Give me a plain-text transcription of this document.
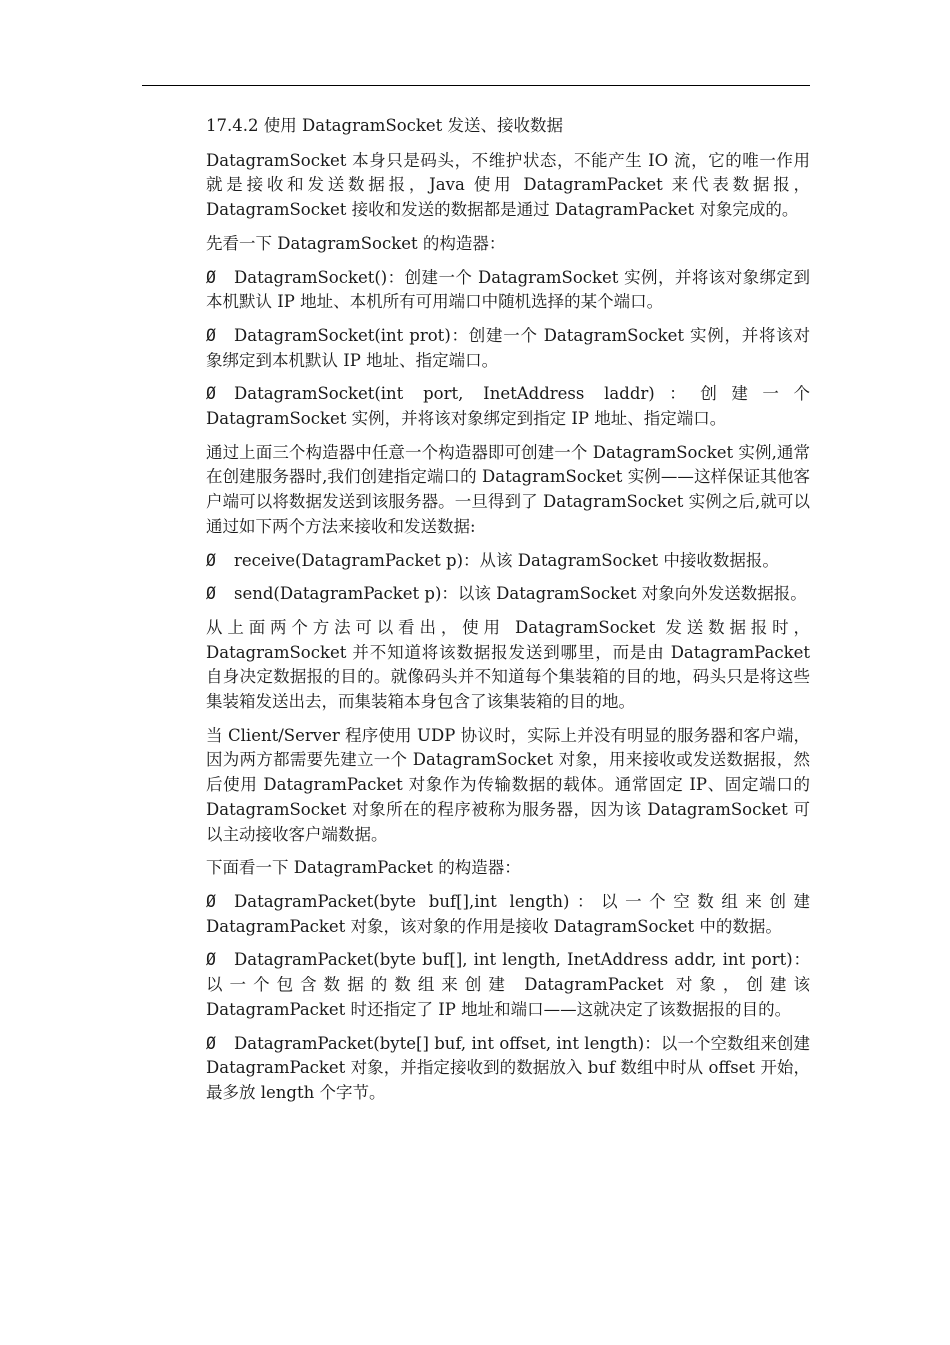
17.4.2 使用 DatagramSocket 发送、接收数据

DatagramSocket 本身只是码头，不维护状态，不能产生 IO 流，它的唯一作用就是接收和发送数据报，Java 使用 DatagramPacket 来代表数据报，DatagramSocket 接收和发送的数据都是通过 DatagramPacket 对象完成的。

先看一下 DatagramSocket 的构造器：

Ø DatagramSocket()：创建一个 DatagramSocket 实例，并将该对象绑定到本机默认 IP 地址、本机所有可用端口中随机选择的某个端口。

Ø DatagramSocket(int prot)：创建一个 DatagramSocket 实例，并将该对象绑定到本机默认 IP 地址、指定端口。

Ø DatagramSocket(int port, InetAddress laddr)：创建一个 DatagramSocket 实例，并将该对象绑定到指定 IP 地址、指定端口。

通过上面三个构造器中任意一个构造器即可创建一个 DatagramSocket 实例,通常在创建服务器时,我们创建指定端口的 DatagramSocket 实例——这样保证其他客户端可以将数据发送到该服务器。一旦得到了 DatagramSocket 实例之后,就可以通过如下两个方法来接收和发送数据:

Ø receive(DatagramPacket p)：从该 DatagramSocket 中接收数据报。

Ø send(DatagramPacket p)：以该 DatagramSocket 对象向外发送数据报。

从上面两个方法可以看出，使用 DatagramSocket 发送数据报时，DatagramSocket 并不知道将该数据报发送到哪里，而是由 DatagramPacket 自身决定数据报的目的。就像码头并不知道每个集装箱的目的地，码头只是将这些集装箱发送出去，而集装箱本身包含了该集装箱的目的地。

当 Client/Server 程序使用 UDP 协议时，实际上并没有明显的服务器和客户端，因为两方都需要先建立一个 DatagramSocket 对象，用来接收或发送数据报，然后使用 DatagramPacket 对象作为传输数据的载体。通常固定 IP、固定端口的 DatagramSocket 对象所在的程序被称为服务器，因为该 DatagramSocket 可以主动接收客户端数据。

下面看一下 DatagramPacket 的构造器：

Ø DatagramPacket(byte buf[],int length)：以一个空数组来创建 DatagramPacket 对象，该对象的作用是接收 DatagramSocket 中的数据。

Ø DatagramPacket(byte buf[], int length, InetAddress addr, int port)：以一个包含数据的数组来创建 DatagramPacket 对象，创建该 DatagramPacket 时还指定了 IP 地址和端口——这就决定了该数据报的目的。

Ø DatagramPacket(byte[] buf, int offset, int length)：以一个空数组来创建 DatagramPacket 对象，并指定接收到的数据放入 buf 数组中时从 offset 开始，最多放 length 个字节。
